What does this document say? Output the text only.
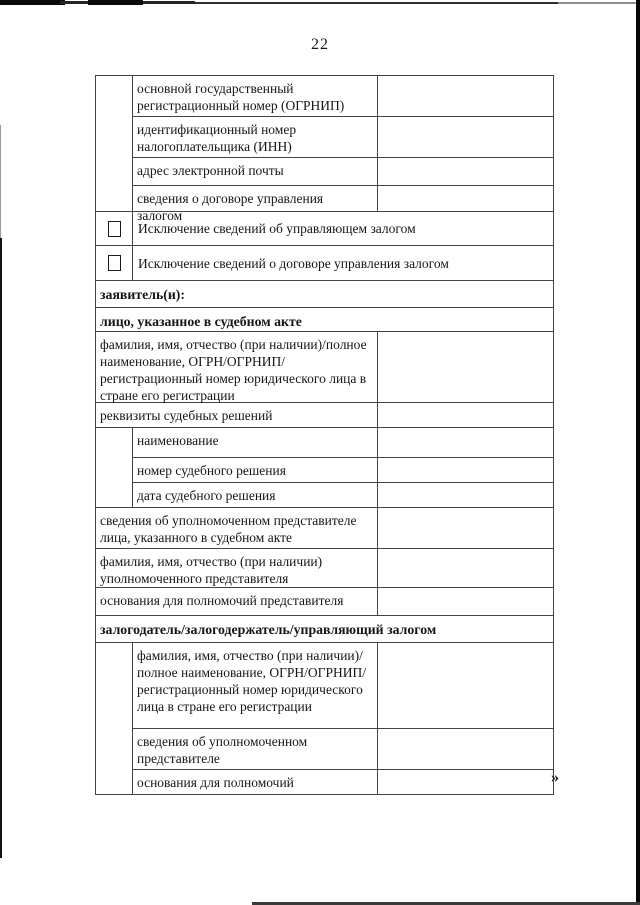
22
основной государственный регистрационный номер (ОГРНИП)
идентификационный номер налогоплательщика (ИНН)
адрес электронной почты
сведения о договоре управления залогом
Исключение сведений об управляющем залогом
Исключение сведений о договоре управления залогом
заявитель(и):
лицо, указанное в судебном акте
фамилия, имя, отчество (при наличии)/полное наименование, ОГРН/ОГРНИП/регистрационный номер юридического лица в стране его регистрации
реквизиты судебных решений
наименование
номер судебного решения
дата судебного решения
сведения об уполномоченном представителе лица, указанного в судебном акте
фамилия, имя, отчество (при наличии) уполномоченного представителя
основания для полномочий представителя
залогодатель/залогодержатель/управляющий залогом
фамилия, имя, отчество (при наличии)/полное наименование, ОГРН/ОГРНИП/регистрационный номер юридического лица в стране его регистрации
сведения об уполномоченном представителе
основания для полномочий	»
